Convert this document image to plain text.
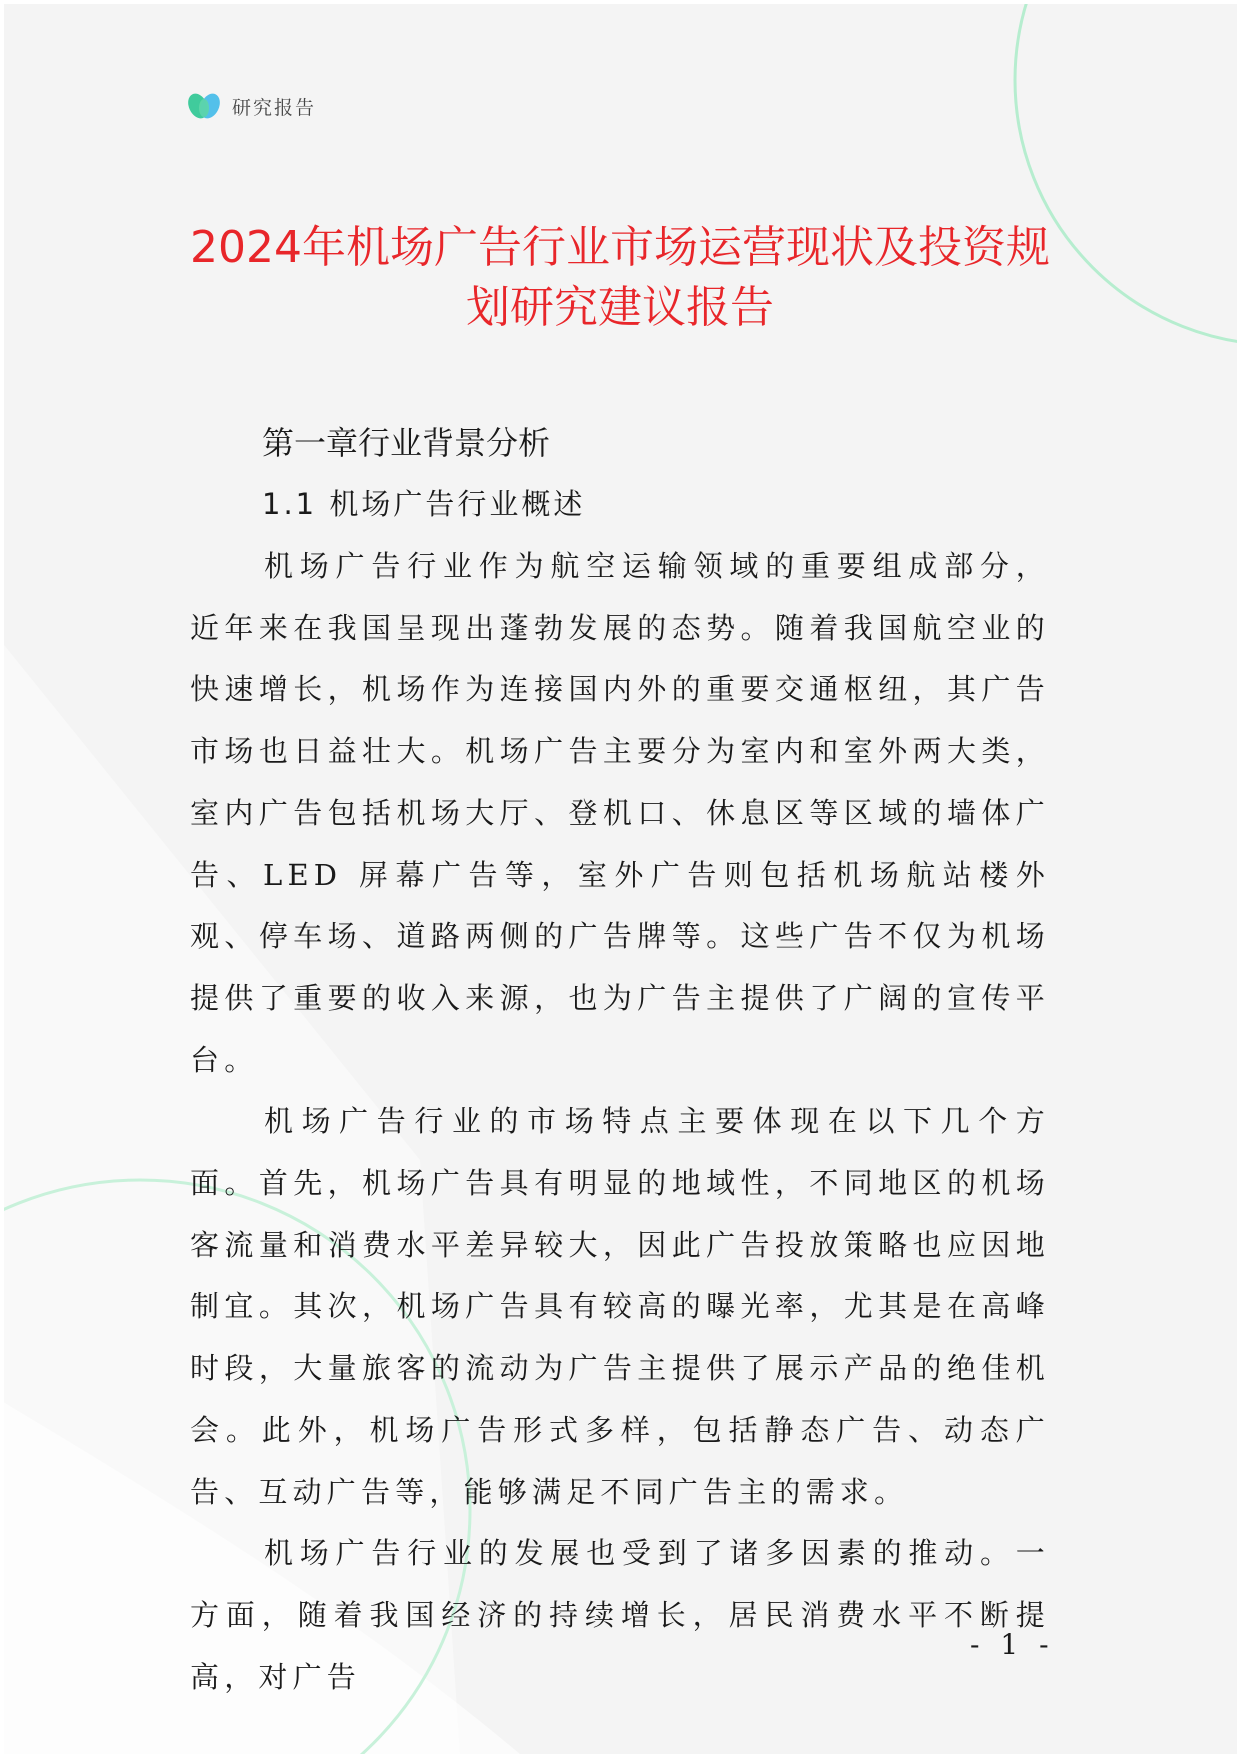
研究报告
2024年机场广告行业市场运营现状及投资规划研究建议报告
第一章行业背景分析
1.1 机场广告行业概述

机场广告行业作为航空运输领域的重要组成部分，近年来在我国呈现出蓬勃发展的态势。随着我国航空业的快速增长，机场作为连接国内外的重要交通枢纽，其广告市场也日益壮大。机场广告主要分为室内和室外两大类，室内广告包括机场大厅、登机口、休息区等区域的墙体广告、LED 屏幕广告等，室外广告则包括机场航站楼外观、停车场、道路两侧的广告牌等。这些广告不仅为机场提供了重要的收入来源，也为广告主提供了广阔的宣传平台。

机场广告行业的市场特点主要体现在以下几个方面。首先，机场广告具有明显的地域性，不同地区的机场客流量和消费水平差异较大，因此广告投放策略也应因地制宜。其次，机场广告具有较高的曝光率，尤其是在高峰时段，大量旅客的流动为广告主提供了展示产品的绝佳机会。此外，机场广告形式多样，包括静态广告、动态广告、互动广告等，能够满足不同广告主的需求。

机场广告行业的发展也受到了诸多因素的推动。一方面，随着我国经济的持续增长，居民消费水平不断提高，对广告

- 1 -
